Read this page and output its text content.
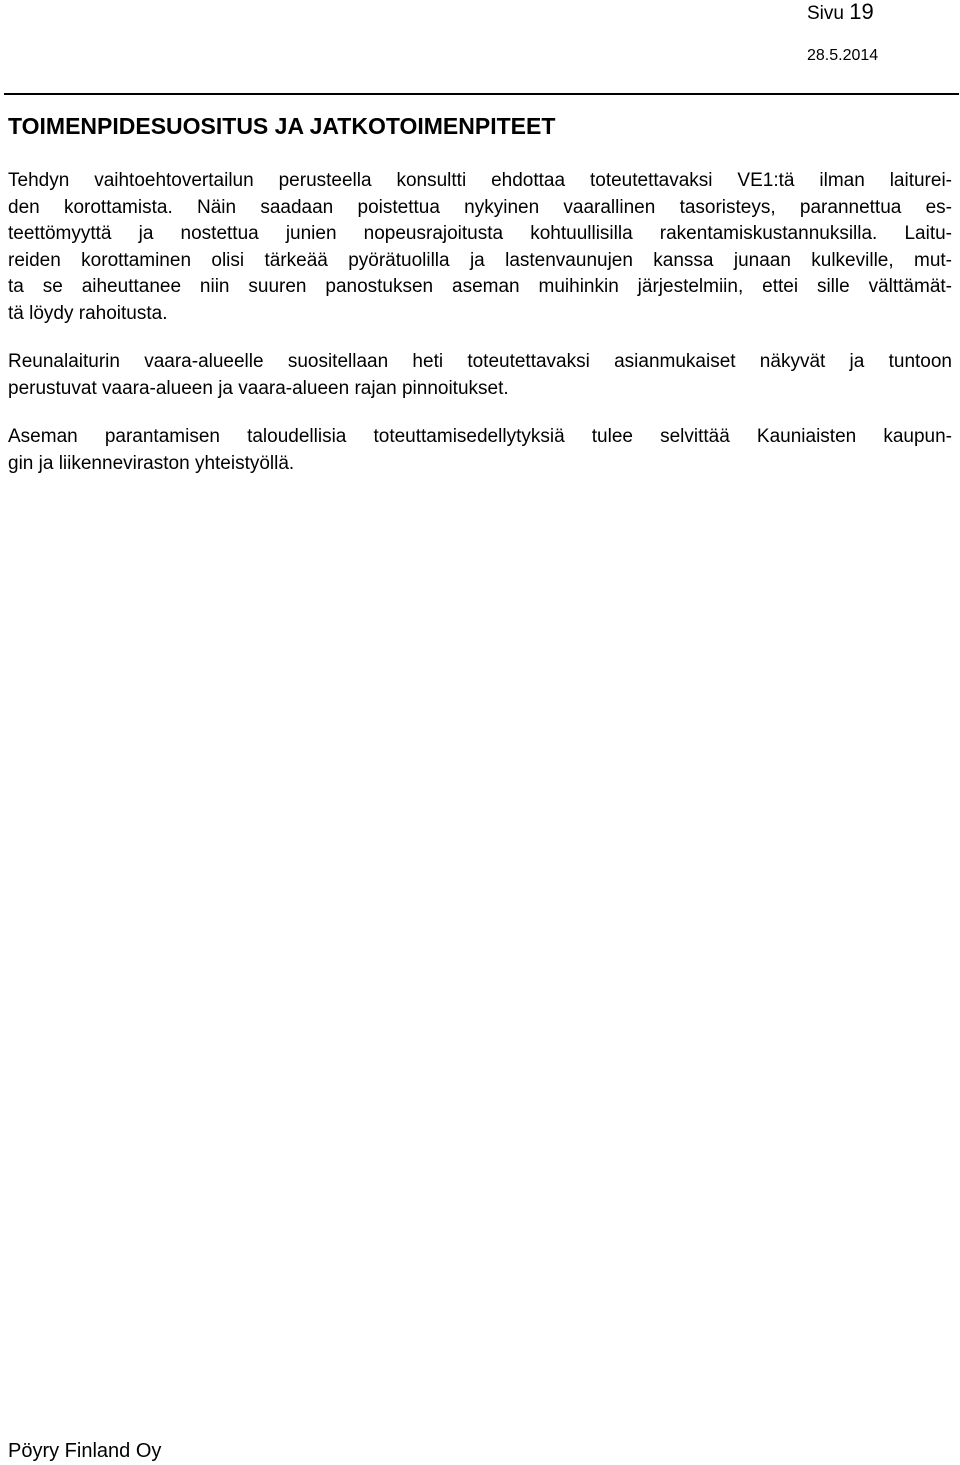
Sivu 19
28.5.2014
TOIMENPIDESUOSITUS JA JATKOTOIMENPITEET
Tehdyn vaihtoehtovertailun perusteella konsultti ehdottaa toteutettavaksi VE1:tä ilman laiturei-
den korottamista. Näin saadaan poistettua nykyinen vaarallinen tasoristeys, parannettua es-
teettömyyttä ja nostettua junien nopeusrajoitusta kohtuullisilla rakentamiskustannuksilla. Laitu-
reiden korottaminen olisi tärkeää pyörätuolilla ja lastenvaunujen kanssa junaan kulkeville, mut-
ta se aiheuttanee niin suuren panostuksen aseman muihinkin järjestelmiin, ettei sille välttämät-
tä löydy rahoitusta.
Reunalaiturin vaara-alueelle suositellaan heti toteutettavaksi asianmukaiset näkyvät ja tuntoon
perustuvat vaara-alueen ja vaara-alueen rajan pinnoitukset.
Aseman parantamisen taloudellisia toteuttamisedellytyksiä tulee selvittää Kauniaisten kaupun-
gin ja liikenneviraston yhteistyöllä.
Pöyry Finland Oy
